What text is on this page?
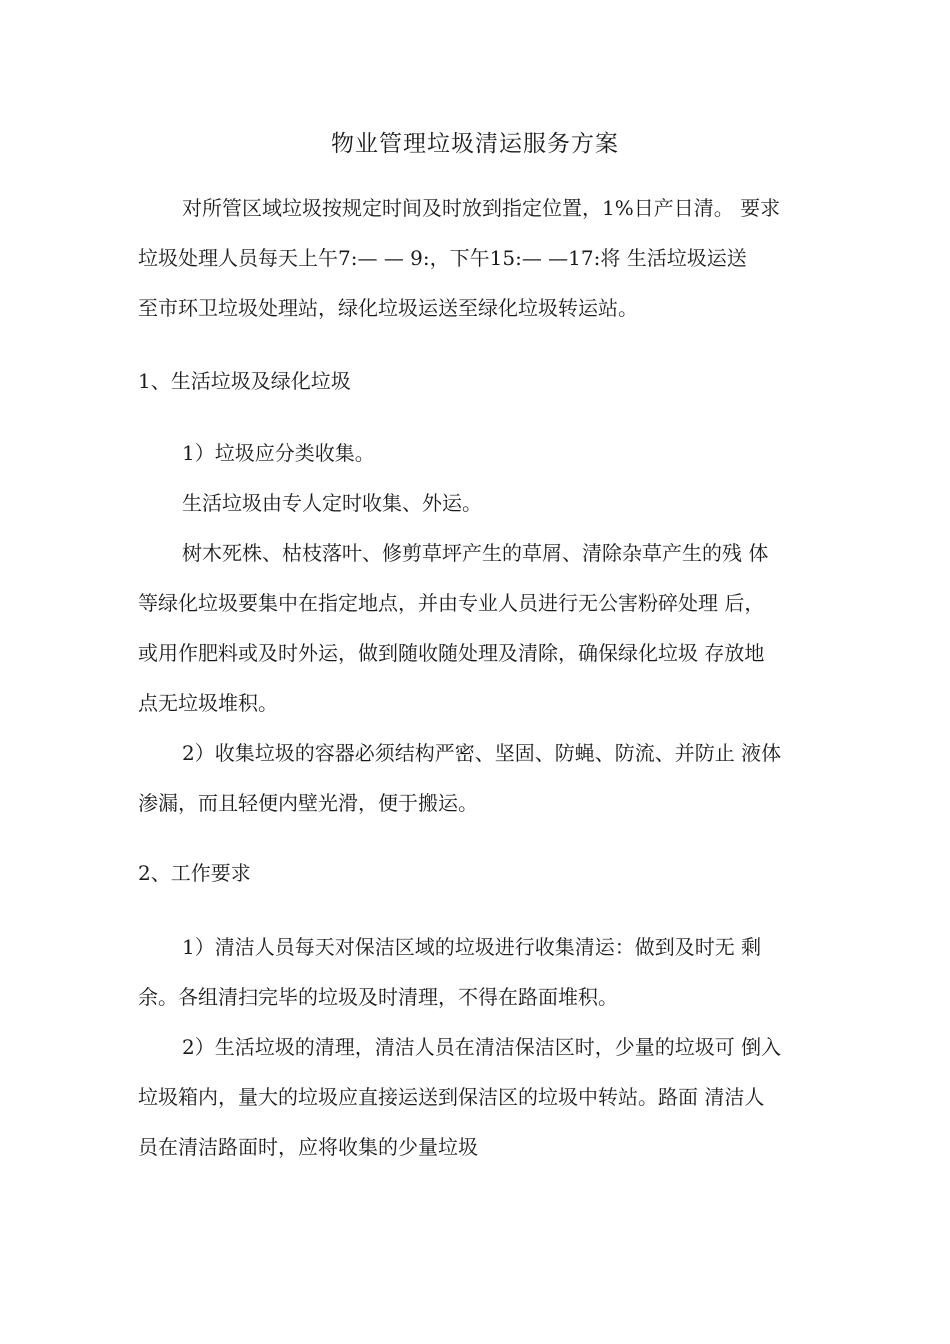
物业管理垃圾清运服务方案
对所管区域垃圾按规定时间及时放到指定位置，1%日产日清。 要求
垃圾处理人员每天上午7:— — 9:，下午15:— —17:将 生活垃圾运送
至市环卫垃圾处理站，绿化垃圾运送至绿化垃圾转运站。
1、生活垃圾及绿化垃圾
1）垃圾应分类收集。
生活垃圾由专人定时收集、外运。
树木死株、枯枝落叶、修剪草坪产生的草屑、清除杂草产生的残 体
等绿化垃圾要集中在指定地点，并由专业人员进行无公害粉碎处理 后，
或用作肥料或及时外运，做到随收随处理及清除，确保绿化垃圾 存放地
点无垃圾堆积。
2）收集垃圾的容器必须结构严密、坚固、防蝇、防流、并防止 液体
渗漏，而且轻便内壁光滑，便于搬运。
2、工作要求
1）清洁人员每天对保洁区域的垃圾进行收集清运：做到及时无 剩
余。各组清扫完毕的垃圾及时清理，不得在路面堆积。
2）生活垃圾的清理，清洁人员在清洁保洁区时，少量的垃圾可 倒入
垃圾箱内，量大的垃圾应直接运送到保洁区的垃圾中转站。路面 清洁人
员在清洁路面时，应将收集的少量垃圾
